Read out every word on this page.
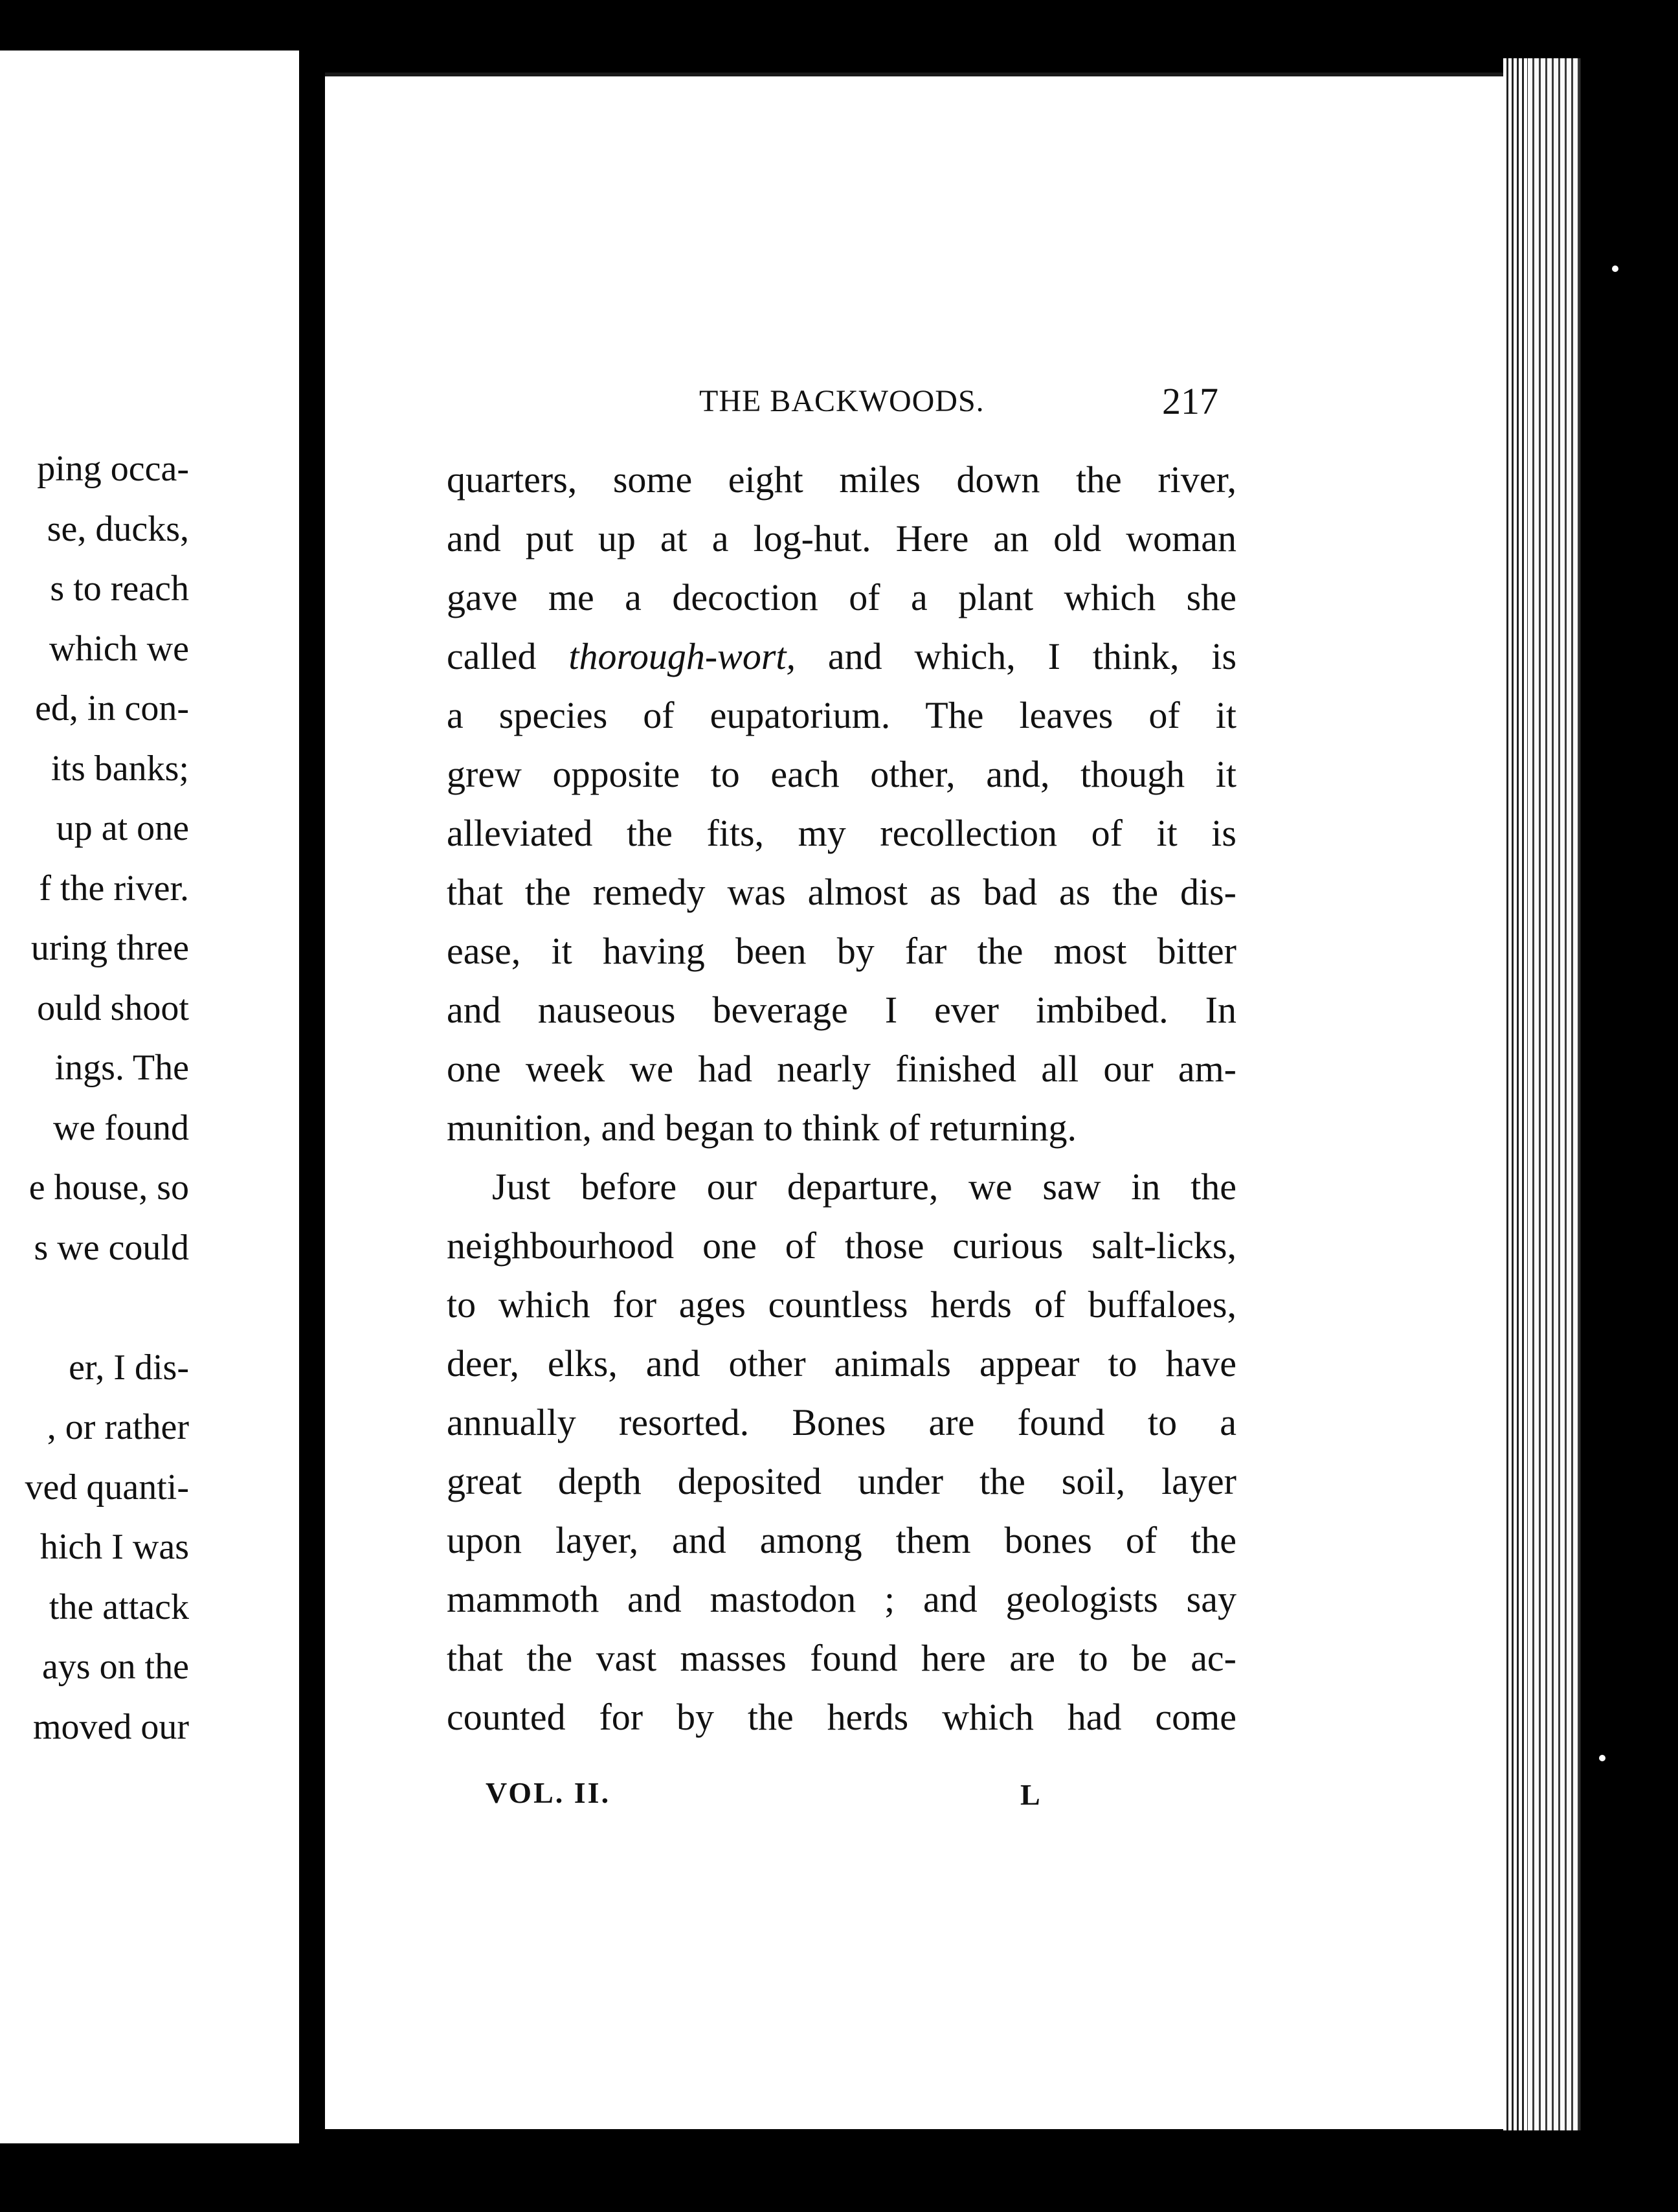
ping occa-
se, ducks,
s to reach
which we
ed, in con-
its banks;
up at one
f the river.
uring three
ould shoot
ings. The
we found
e house, so
s we could
er, I dis-
, or rather
ved quanti-
hich I was
the attack
ays on the
moved our
THE BACKWOODS.	217
quarters, some eight miles down the river,
and put up at a log-hut. Here an old woman
gave me a decoction of a plant which she
called thorough-wort, and which, I think, is
a species of eupatorium. The leaves of it
grew opposite to each other, and, though it
alleviated the fits, my recollection of it is
that the remedy was almost as bad as the dis-
ease, it having been by far the most bitter
and nauseous beverage I ever imbibed. In
one week we had nearly finished all our am-
munition, and began to think of returning.
Just before our departure, we saw in the
neighbourhood one of those curious salt-licks,
to which for ages countless herds of buffaloes,
deer, elks, and other animals appear to have
annually resorted. Bones are found to a
great depth deposited under the soil, layer
upon layer, and among them bones of the
mammoth and mastodon ; and geologists say
that the vast masses found here are to be ac-
counted for by the herds which had come
VOL. II.	L
